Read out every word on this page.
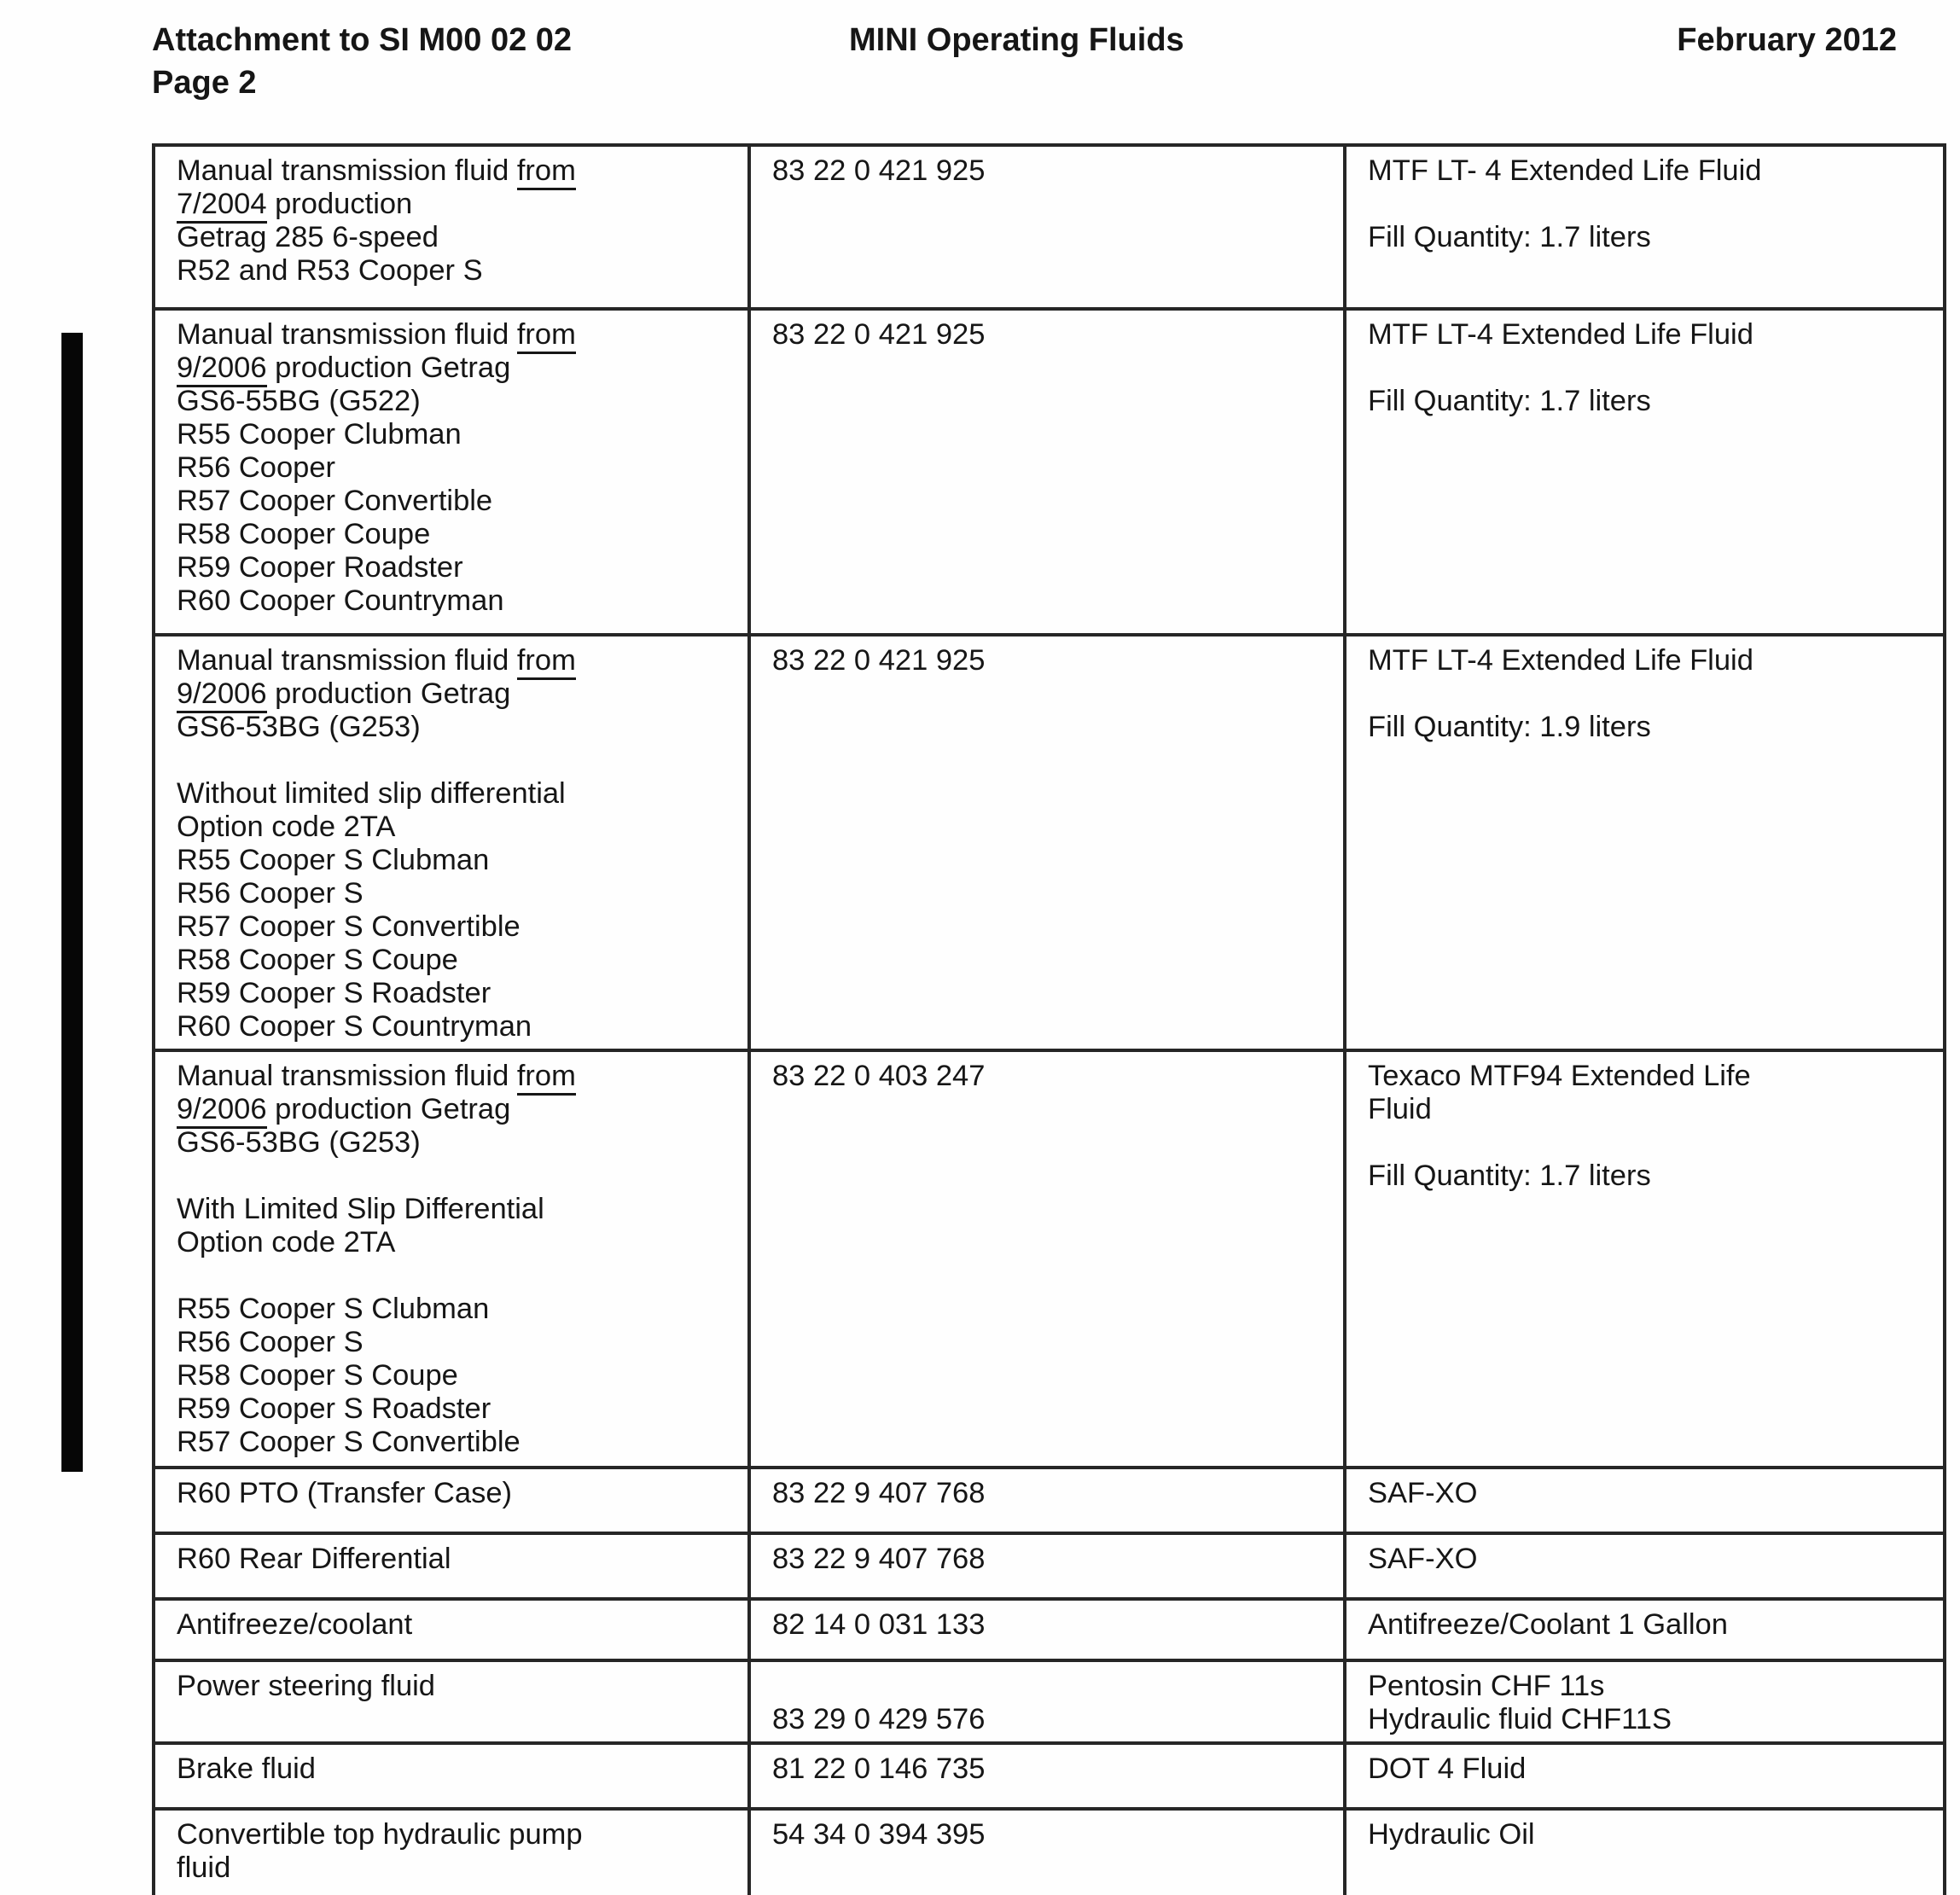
Attachment to SI M00 02 02
Page 2
MINI Operating Fluids	February 2012
Manual transmission fluid from
7/2004 production
Getrag 285 6-speed
R52 and R53 Cooper S

83 22 0 421 925	MTF LT- 4 Extended Life Fluid

Fill Quantity: 1.7 liters

Manual transmission fluid from
9/2006 production Getrag
GS6-55BG (G522)
R55 Cooper Clubman
R56 Cooper
R57 Cooper Convertible
R58 Cooper Coupe
R59 Cooper Roadster
R60 Cooper Countryman

83 22 0 421 925	MTF LT-4 Extended Life Fluid

Fill Quantity: 1.7 liters

Manual transmission fluid from
9/2006 production Getrag
GS6-53BG (G253)

Without limited slip differential
Option code 2TA
R55 Cooper S Clubman
R56 Cooper S
R57 Cooper S Convertible
R58 Cooper S Coupe
R59 Cooper S Roadster
R60 Cooper S Countryman

83 22 0 421 925	MTF LT-4 Extended Life Fluid

Fill Quantity: 1.9 liters

Manual transmission fluid from
9/2006 production Getrag
GS6-53BG (G253)

With Limited Slip Differential
Option code 2TA

R55 Cooper S Clubman
R56 Cooper S
R58 Cooper S Coupe
R59 Cooper S Roadster
R57 Cooper S Convertible

83 22 0 403 247	Texaco MTF94 Extended Life
Fluid

Fill Quantity: 1.7 liters

R60 PTO (Transfer Case)	83 22 9 407 768	SAF-XO

R60 Rear Differential	83 22 9 407 768	SAF-XO

Antifreeze/coolant	82 14 0 031 133	Antifreeze/Coolant 1 Gallon

Power steering fluid	83 29 0 429 576	Pentosin CHF 11s
Hydraulic fluid CHF11S

Brake fluid	81 22 0 146 735	DOT 4 Fluid

Convertible top hydraulic pump
fluid	54 34 0 394 395	Hydraulic Oil
